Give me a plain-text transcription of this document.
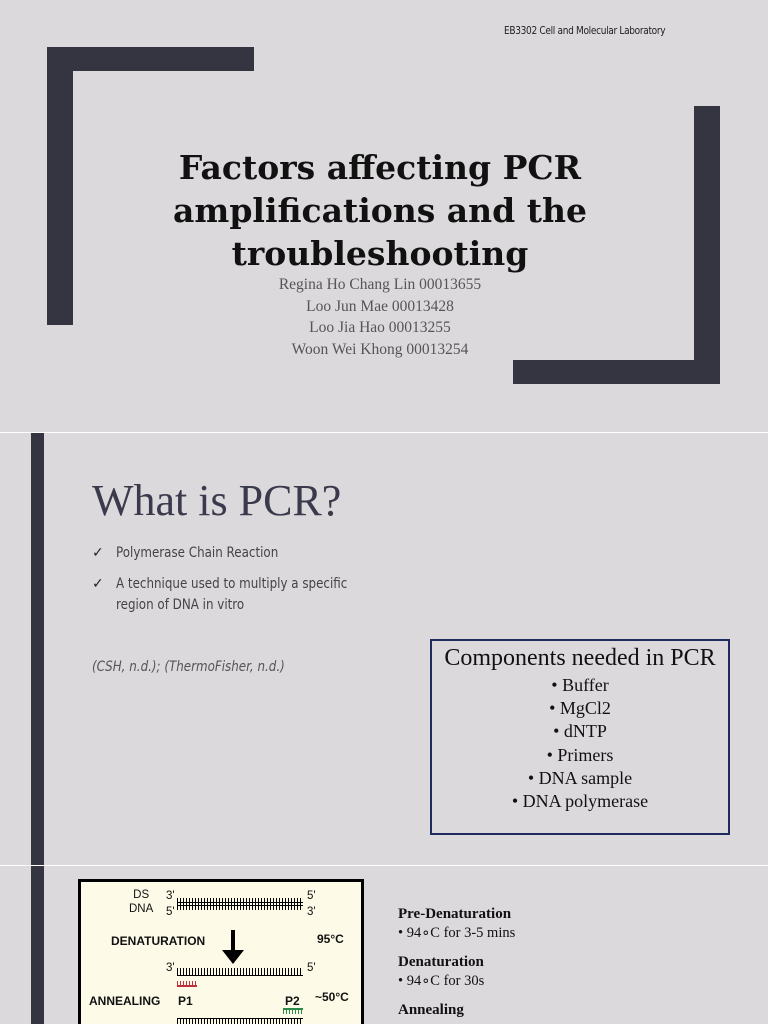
EB3302 Cell and Molecular Laboratory
Factors affecting PCR
amplifications and the
troubleshooting
Regina Ho Chang Lin 00013655
Loo Jun Mae 00013428
Loo Jia Hao 00013255
Woon Wei Khong 00013254
What is PCR?
✓ Polymerase Chain Reaction
✓ A technique used to multiply a specific region of DNA in vitro
(CSH, n.d.); (ThermoFisher, n.d.)	Components needed in PCR
• Buffer
• MgCl2
• dNTP
• Primers
• DNA sample
• DNA polymerase
DS
DNA
3'
5'
5'
3'
DENATURATION	95°C
3'	5'
ANNEALING P1	P2 ~50°C
Pre-Denaturation
• 94∘C for 3-5 mins
Denaturation
• 94∘C for 30s
Annealing
